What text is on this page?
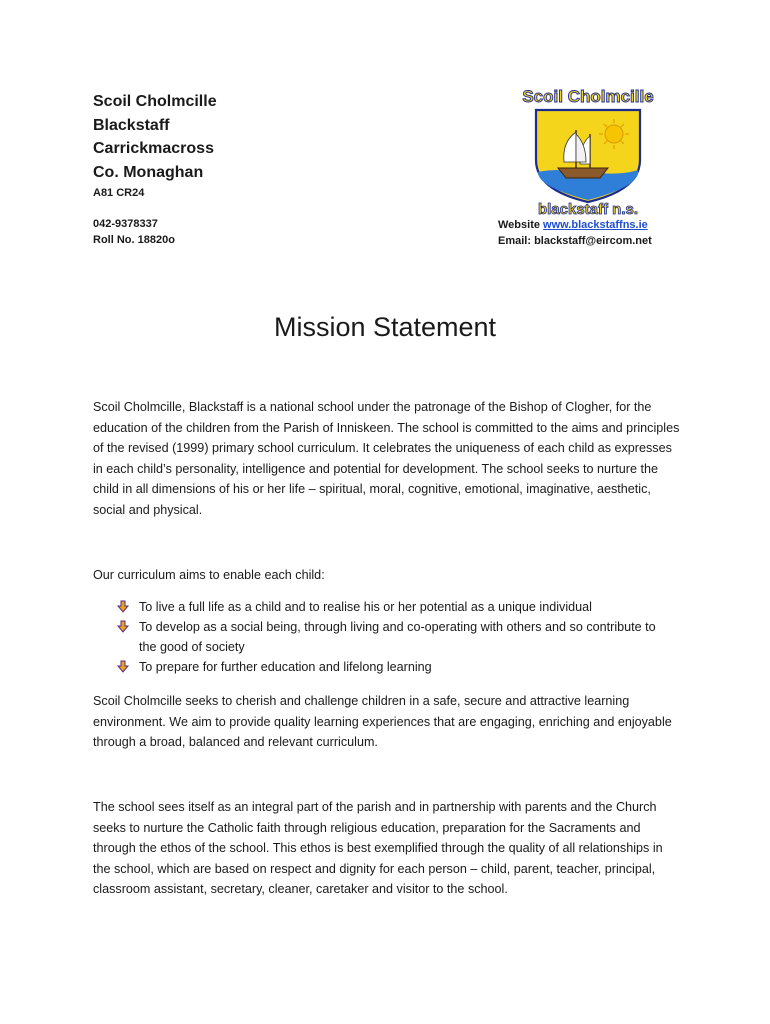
Scoil Cholmcille
Blackstaff
Carrickmacross
Co. Monaghan
A81 CR24
042-9378337
Roll No. 18820o
Scoil Cholmcille
blackstaff n.s.
Website www.blackstaffns.ie
Email: blackstaff@eircom.net
Mission Statement
Scoil Cholmcille, Blackstaff is a national school under the patronage of the Bishop of Clogher, for the education of the children from the Parish of Inniskeen. The school is committed to the aims and principles of the revised (1999) primary school curriculum. It celebrates the uniqueness of each child as expresses in each child’s personality, intelligence and potential for development. The school seeks to nurture the child in all dimensions of his or her life – spiritual, moral, cognitive, emotional, imaginative, aesthetic, social and physical.
Our curriculum aims to enable each child:
To live a full life as a child and to realise his or her potential as a unique individual
To develop as a social being, through living and co-operating with others and so contribute to the good of society
To prepare for further education and lifelong learning
Scoil Cholmcille seeks to cherish and challenge children in a safe, secure and attractive learning environment. We aim to provide quality learning experiences that are engaging, enriching and enjoyable through a broad, balanced and relevant curriculum.
The school sees itself as an integral part of the parish and in partnership with parents and the Church seeks to nurture the Catholic faith through religious education, preparation for the Sacraments and through the ethos of the school. This ethos is best exemplified through the quality of all relationships in the school, which are based on respect and dignity for each person – child, parent, teacher, principal, classroom assistant, secretary, cleaner, caretaker and visitor to the school.
